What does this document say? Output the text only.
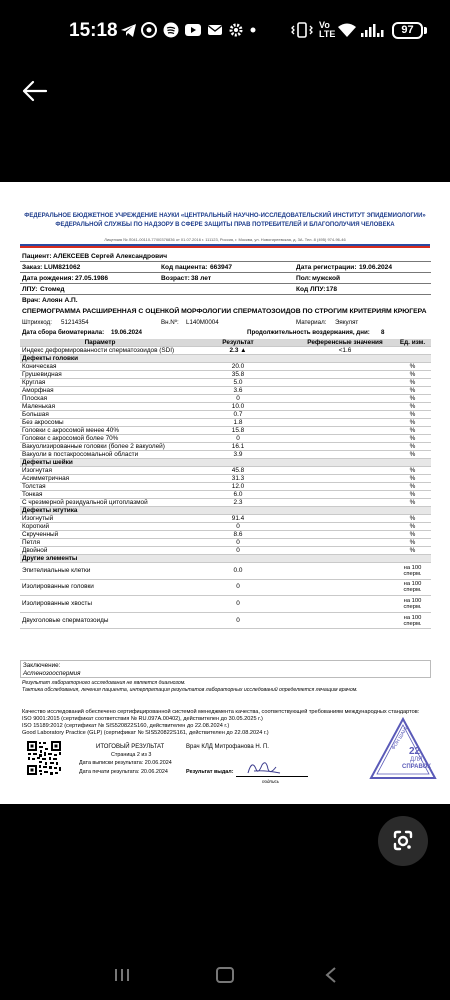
15:18	Vo
LTE	97
ФЕДЕРАЛЬНОЕ БЮДЖЕТНОЕ УЧРЕЖДЕНИЕ НАУКИ «ЦЕНТРАЛЬНЫЙ НАУЧНО-ИССЛЕДОВАТЕЛЬСКИЙ ИНСТИТУТ ЭПИДЕМИОЛОГИИ»
ФЕДЕРАЛЬНОЙ СЛУЖБЫ ПО НАДЗОРУ В СФЕРЕ ЗАЩИТЫ ПРАВ ПОТРЕБИТЕЛЕЙ И БЛАГОПОЛУЧИЯ ЧЕЛОВЕКА
Лицензия № Л041-00110-77/00376836 от 01.07.2016 г. 111123, Россия, г. Москва, ул. Новогиреевская, д. 3А. Тел. 8 (495) 974-96-46
Пациент: АЛЕКСЕЕВ Сергей Александрович
Заказ: LUM821062	Код пациента: 663947	Дата регистрации: 19.06.2024
Дата рождения: 27.05.1986	Возраст: 38 лет	Пол: мужской
ЛПУ: Стомед	Код ЛПУ: 178
Врач: Алоян А.П.
СПЕРМОГРАММА РАСШИРЕННАЯ С ОЦЕНКОЙ МОРФОЛОГИИ СПЕРМАТОЗОИДОВ ПО СТРОГИМ КРИТЕРИЯМ КРЮГЕРА
Штрихкод: 51214354	Вн.Nº: L140M0004	Материал: Эякулят
Дата сбора биоматериала: 19.06.2024	Продолжительность воздержания, дни: 8
Параметр	Результат	Референсные значения	Ед. изм.
Индекс деформированности сперматозоидов (SDI)	2.3 ▲	<1.6	
Дефекты головки			
Коническая	20.0		%
Грушевидная	35.8		%
Круглая	5.0		%
Аморфная	3.6		%
Плоская	0		%
Маленькая	10.0		%
Большая	0.7		%
Без акросомы	1.8		%
Головки с акросомой менее 40%	15.8		%
Головки с акросомой более 70%	0		%
Вакуолизированные головки (более 2 вакуолей)	16.1		%
Вакуоли в постакросомальной области	3.9		%
Дефекты шейки			
Изогнутая	45.8		%
Асимметричная	31.3		%
Толстая	12.0		%
Тонкая	6.0		%
С чрезмерной резидуальной цитоплазмой	2.3		%
Дефекты жгутика			
Изогнутый	91.4		%
Короткий	0		%
Скрученный	8.6		%
Петля	0		%
Двойной	0		%
Другие элементы			
Эпителиальные клетки	0.0		на 100 сперм.
Изолированные головки	0		на 100 сперм.
Изолированные хвосты	0		на 100 сперм.
Двухголовые сперматозоиды	0		на 100 сперм.
Заключение:
Астенозооспермия
Результат лабораторного исследования не является диагнозом.
Тактика обследования, лечения пациента, интерпретация результатов лабораторных исследований определяется лечащим врачом.
Качество исследований обеспечено сертифицированной системой менеджмента качества, соответствующей требованиям международных стандартов:
ISO 9001:2015 (сертификат соответствия № RU.097А.00402), действителен до 30.05.2025 г.)
ISO 15189:2012 (сертификат № SIS520822S160, действителен до 22.08.2024 г.)
Good Laboratory Practice (GLP) (сертификат № SIS520822S161, действителен до 22.08.2024 г.)
ИТОГОВЫЙ РЕЗУЛЬТАТ
Страница 2 из 3
Врач КЛД Митрофанова Н. П.
Дата выписки результата: 20.06.2024
Дата печати результата: 20.06.2024	Результат выдал:
подпись
ФОН ШАНИ
22
ДЛЯ
СПРАВОК
